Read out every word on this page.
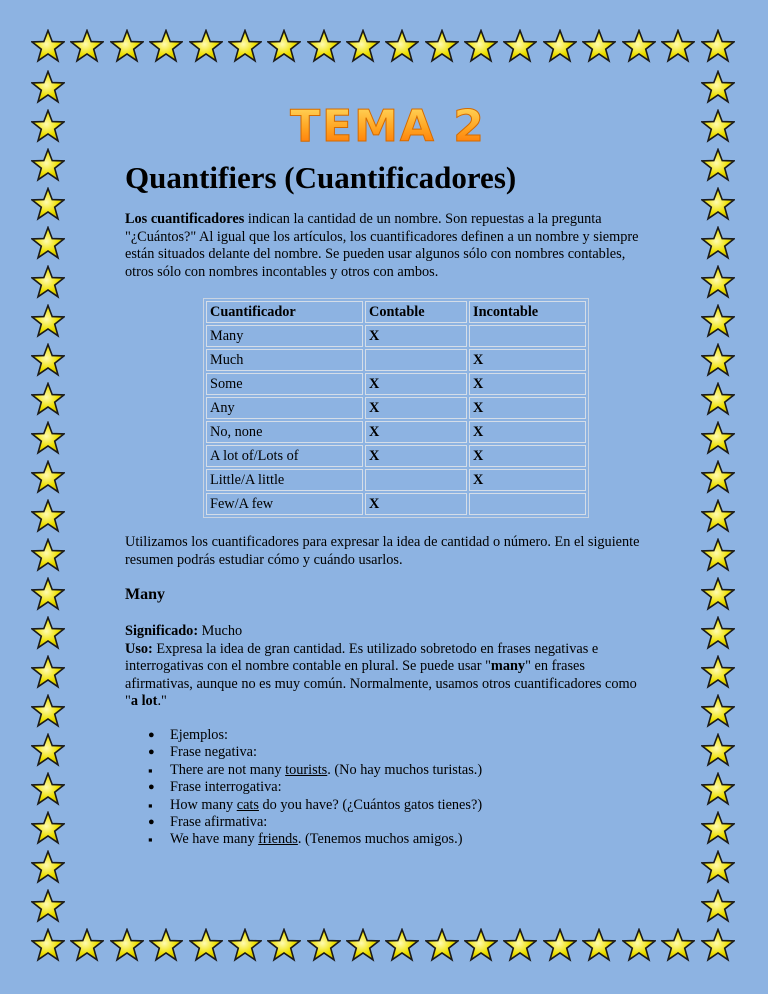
TEMA 2
Quantifiers (Cuantificadores)

Los cuantificadores indican la cantidad de un nombre. Son repuestas a la pregunta "¿Cuántos?" Al igual que los artículos, los cuantificadores definen a un nombre y siempre están situados delante del nombre. Se pueden usar algunos sólo con nombres contables, otros sólo con nombres incontables y otros con ambos.

Cuantificador	Contable	Incontable
Many	X	
Much		X
Some	X	X
Any	X	X
No, none	X	X
A lot of/Lots of	X	X
Little/A little		X
Few/A few	X	

Utilizamos los cuantificadores para expresar la idea de cantidad o número. En el siguiente resumen podrás estudiar cómo y cuándo usarlos.

Many

Significado: Mucho
Uso: Expresa la idea de gran cantidad. Es utilizado sobretodo en frases negativas e interrogativas con el nombre contable en plural. Se puede usar "many" en frases afirmativas, aunque no es muy común. Normalmente, usamos otros cuantificadores como "a lot."

● Ejemplos:
● Frase negativa:
▪ There are not many tourists. (No hay muchos turistas.)
● Frase interrogativa:
▪ How many cats do you have? (¿Cuántos gatos tienes?)
● Frase afirmativa:
▪ We have many friends. (Tenemos muchos amigos.)
